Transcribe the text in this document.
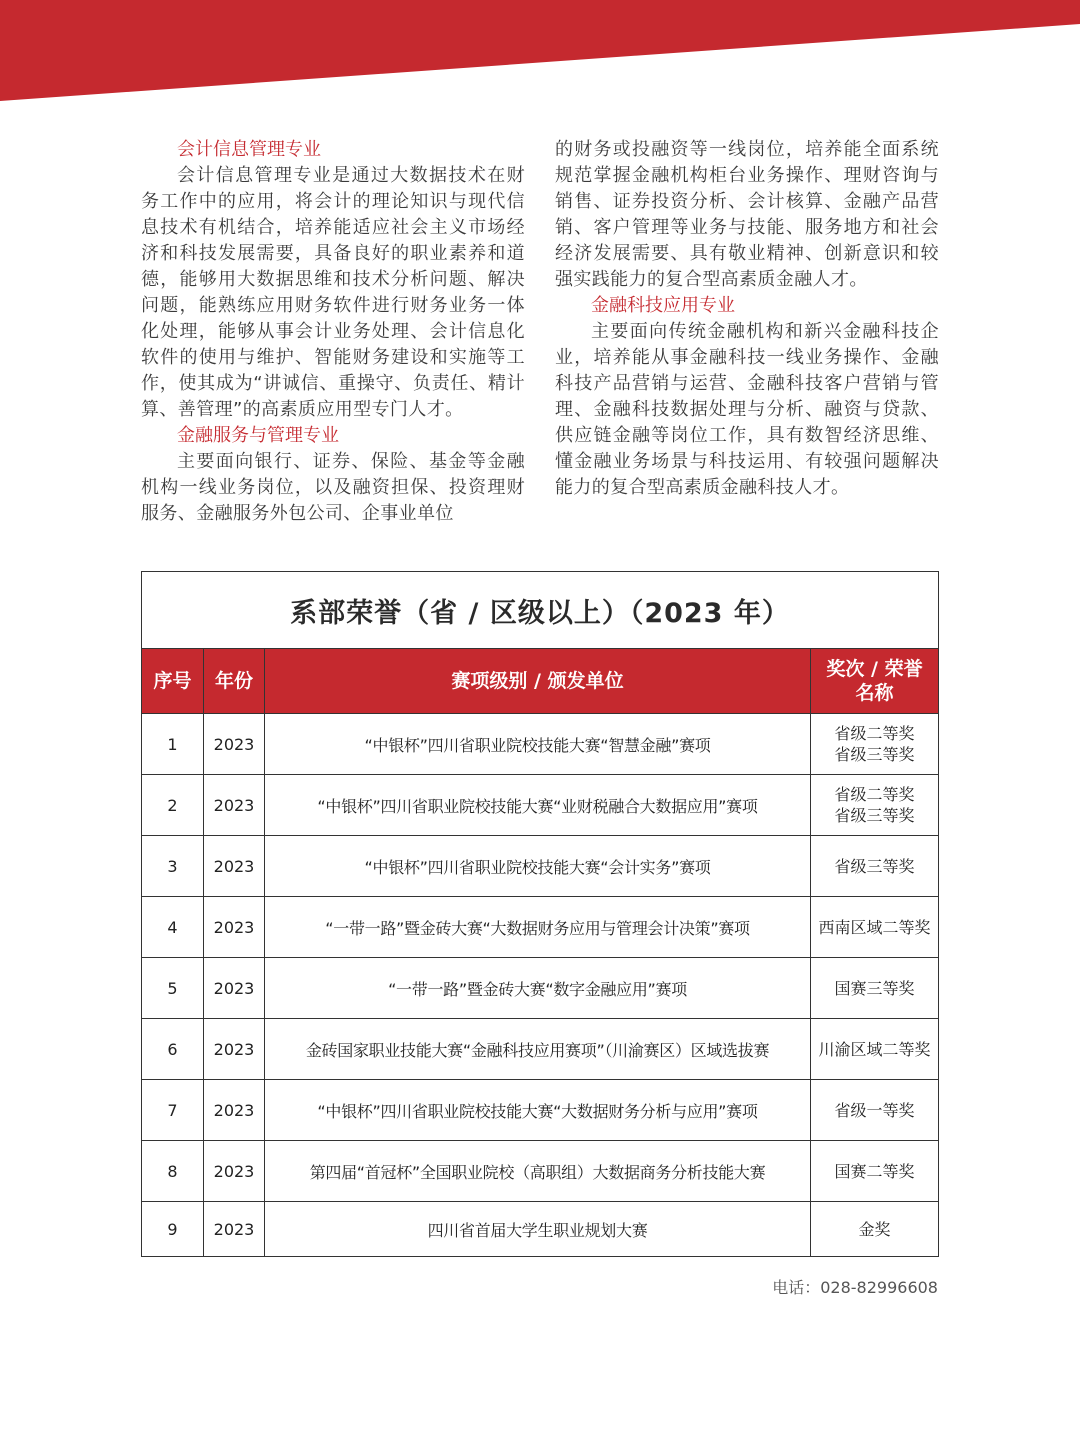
会计信息管理专业

会计信息管理专业是通过大数据技术在财务工作中的应用，将会计的理论知识与现代信息技术有机结合，培养能适应社会主义市场经济和科技发展需要，具备良好的职业素养和道德，能够用大数据思维和技术分析问题、解决问题，能熟练应用财务软件进行财务业务一体化处理，能够从事会计业务处理、会计信息化软件的使用与维护、智能财务建设和实施等工作，使其成为“讲诚信、重操守、负责任、精计算、善管理”的高素质应用型专门人才。

金融服务与管理专业

主要面向银行、证券、保险、基金等金融机构一线业务岗位，以及融资担保、投资理财服务、金融服务外包公司、企事业单位

的财务或投融资等一线岗位，培养能全面系统规范掌握金融机构柜台业务操作、理财咨询与销售、证券投资分析、会计核算、金融产品营销、客户管理等业务与技能、服务地方和社会经济发展需要、具有敬业精神、创新意识和较强实践能力的复合型高素质金融人才。

金融科技应用专业

主要面向传统金融机构和新兴金融科技企业，培养能从事金融科技一线业务操作、金融科技产品营销与运营、金融科技客户营销与管理、金融科技数据处理与分析、融资与贷款、供应链金融等岗位工作，具有数智经济思维、懂金融业务场景与科技运用、有较强问题解决能力的复合型高素质金融科技人才。

系部荣誉（省 / 区级以上）（2023 年）			
序号	年份	赛项级别 / 颁发单位	奖次 / 荣誉
名称
1	2023	“中银杯”四川省职业院校技能大赛“智慧金融”赛项	省级二等奖
省级三等奖
2	2023	“中银杯”四川省职业院校技能大赛“业财税融合大数据应用”赛项	省级二等奖
省级三等奖
3	2023	“中银杯”四川省职业院校技能大赛“会计实务”赛项	省级三等奖
4	2023	“一带一路”暨金砖大赛“大数据财务应用与管理会计决策”赛项	西南区域二等奖
5	2023	“一带一路”暨金砖大赛“数字金融应用”赛项	国赛三等奖
6	2023	金砖国家职业技能大赛“金融科技应用赛项”（川渝赛区）区域选拔赛	川渝区域二等奖
7	2023	“中银杯”四川省职业院校技能大赛“大数据财务分析与应用”赛项	省级一等奖
8	2023	第四届“首冠杯”全国职业院校（高职组）大数据商务分析技能大赛	国赛二等奖
9	2023	四川省首届大学生职业规划大赛	金奖
电话：028-82996608
